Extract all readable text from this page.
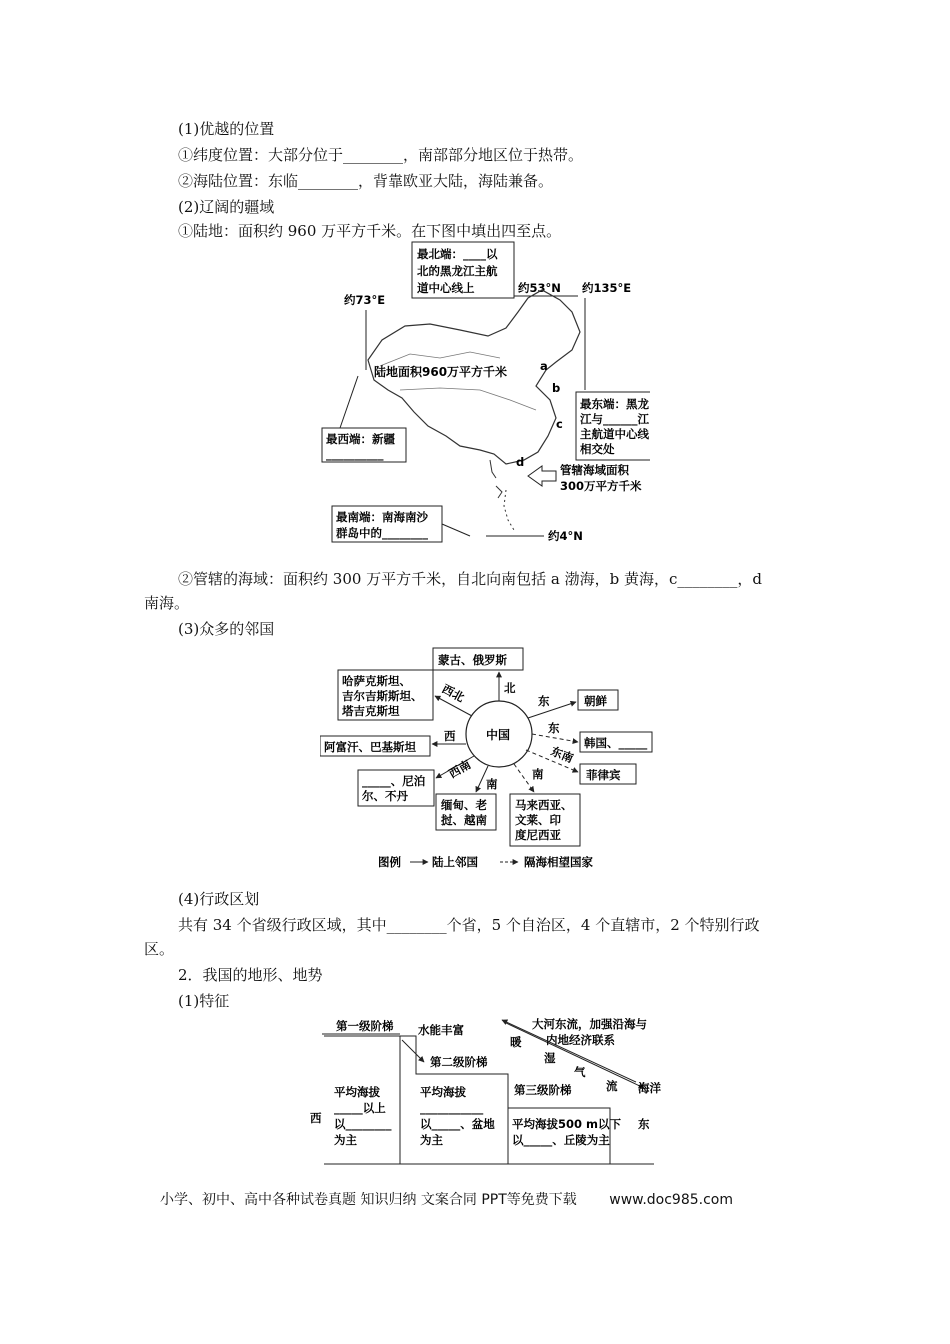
(1)优越的位置
①纬度位置：大部分位于________，南部部分地区位于热带。
②海陆位置：东临________，背靠欧亚大陆，海陆兼备。
(2)辽阔的疆域
①陆地：面积约 960 万平方千米。在下图中填出四至点。
最北端：____以
北的黑龙江主航
道中心线上	约53°N 约135°E
约73°E
陆地面积960万平方千米	a
b
c
d
最东端：黑龙
江与______江
主航道中心线
相交处
最西端：新疆
__________
管辖海域面积
300万平方千米
最南端：南海南沙
群岛中的________	约4°N
②管辖的海域：面积约 300 万平方千米，自北向南包括 a 渤海，b 黄海，c________，d
南海。
(3)众多的邻国
中国
蒙古、俄罗斯
北
哈萨克斯坦、
吉尔吉斯斯坦、
塔吉克斯坦
西北
阿富汗、巴基斯坦
西
_____、尼泊
尔、不丹
西南
缅甸、老
挝、越南
南
马来西亚、
文莱、印
度尼西亚
南
朝鲜
东
韩国、_____
东
菲律宾
东南
图例	陆上邻国	隔海相望国家
(4)行政区划
共有 34 个省级行政区域，其中________个省，5 个自治区，4 个直辖市，2 个特别行政
区。
2．我国的地形、地势
(1)特征
第一级阶梯 水能丰富
第二级阶梯
大河东流，加强沿海与
内地经济联系
暖
湿
气
流 海洋
第三级阶梯
西	东
平均海拔
_____以上
以________
为主
平均海拔
___________
以_____、盆地
为主
平均海拔500 m以下
以_____、丘陵为主
小学、初中、高中各种试卷真题 知识归纳 文案合同 PPT等免费下载 www.doc985.com
